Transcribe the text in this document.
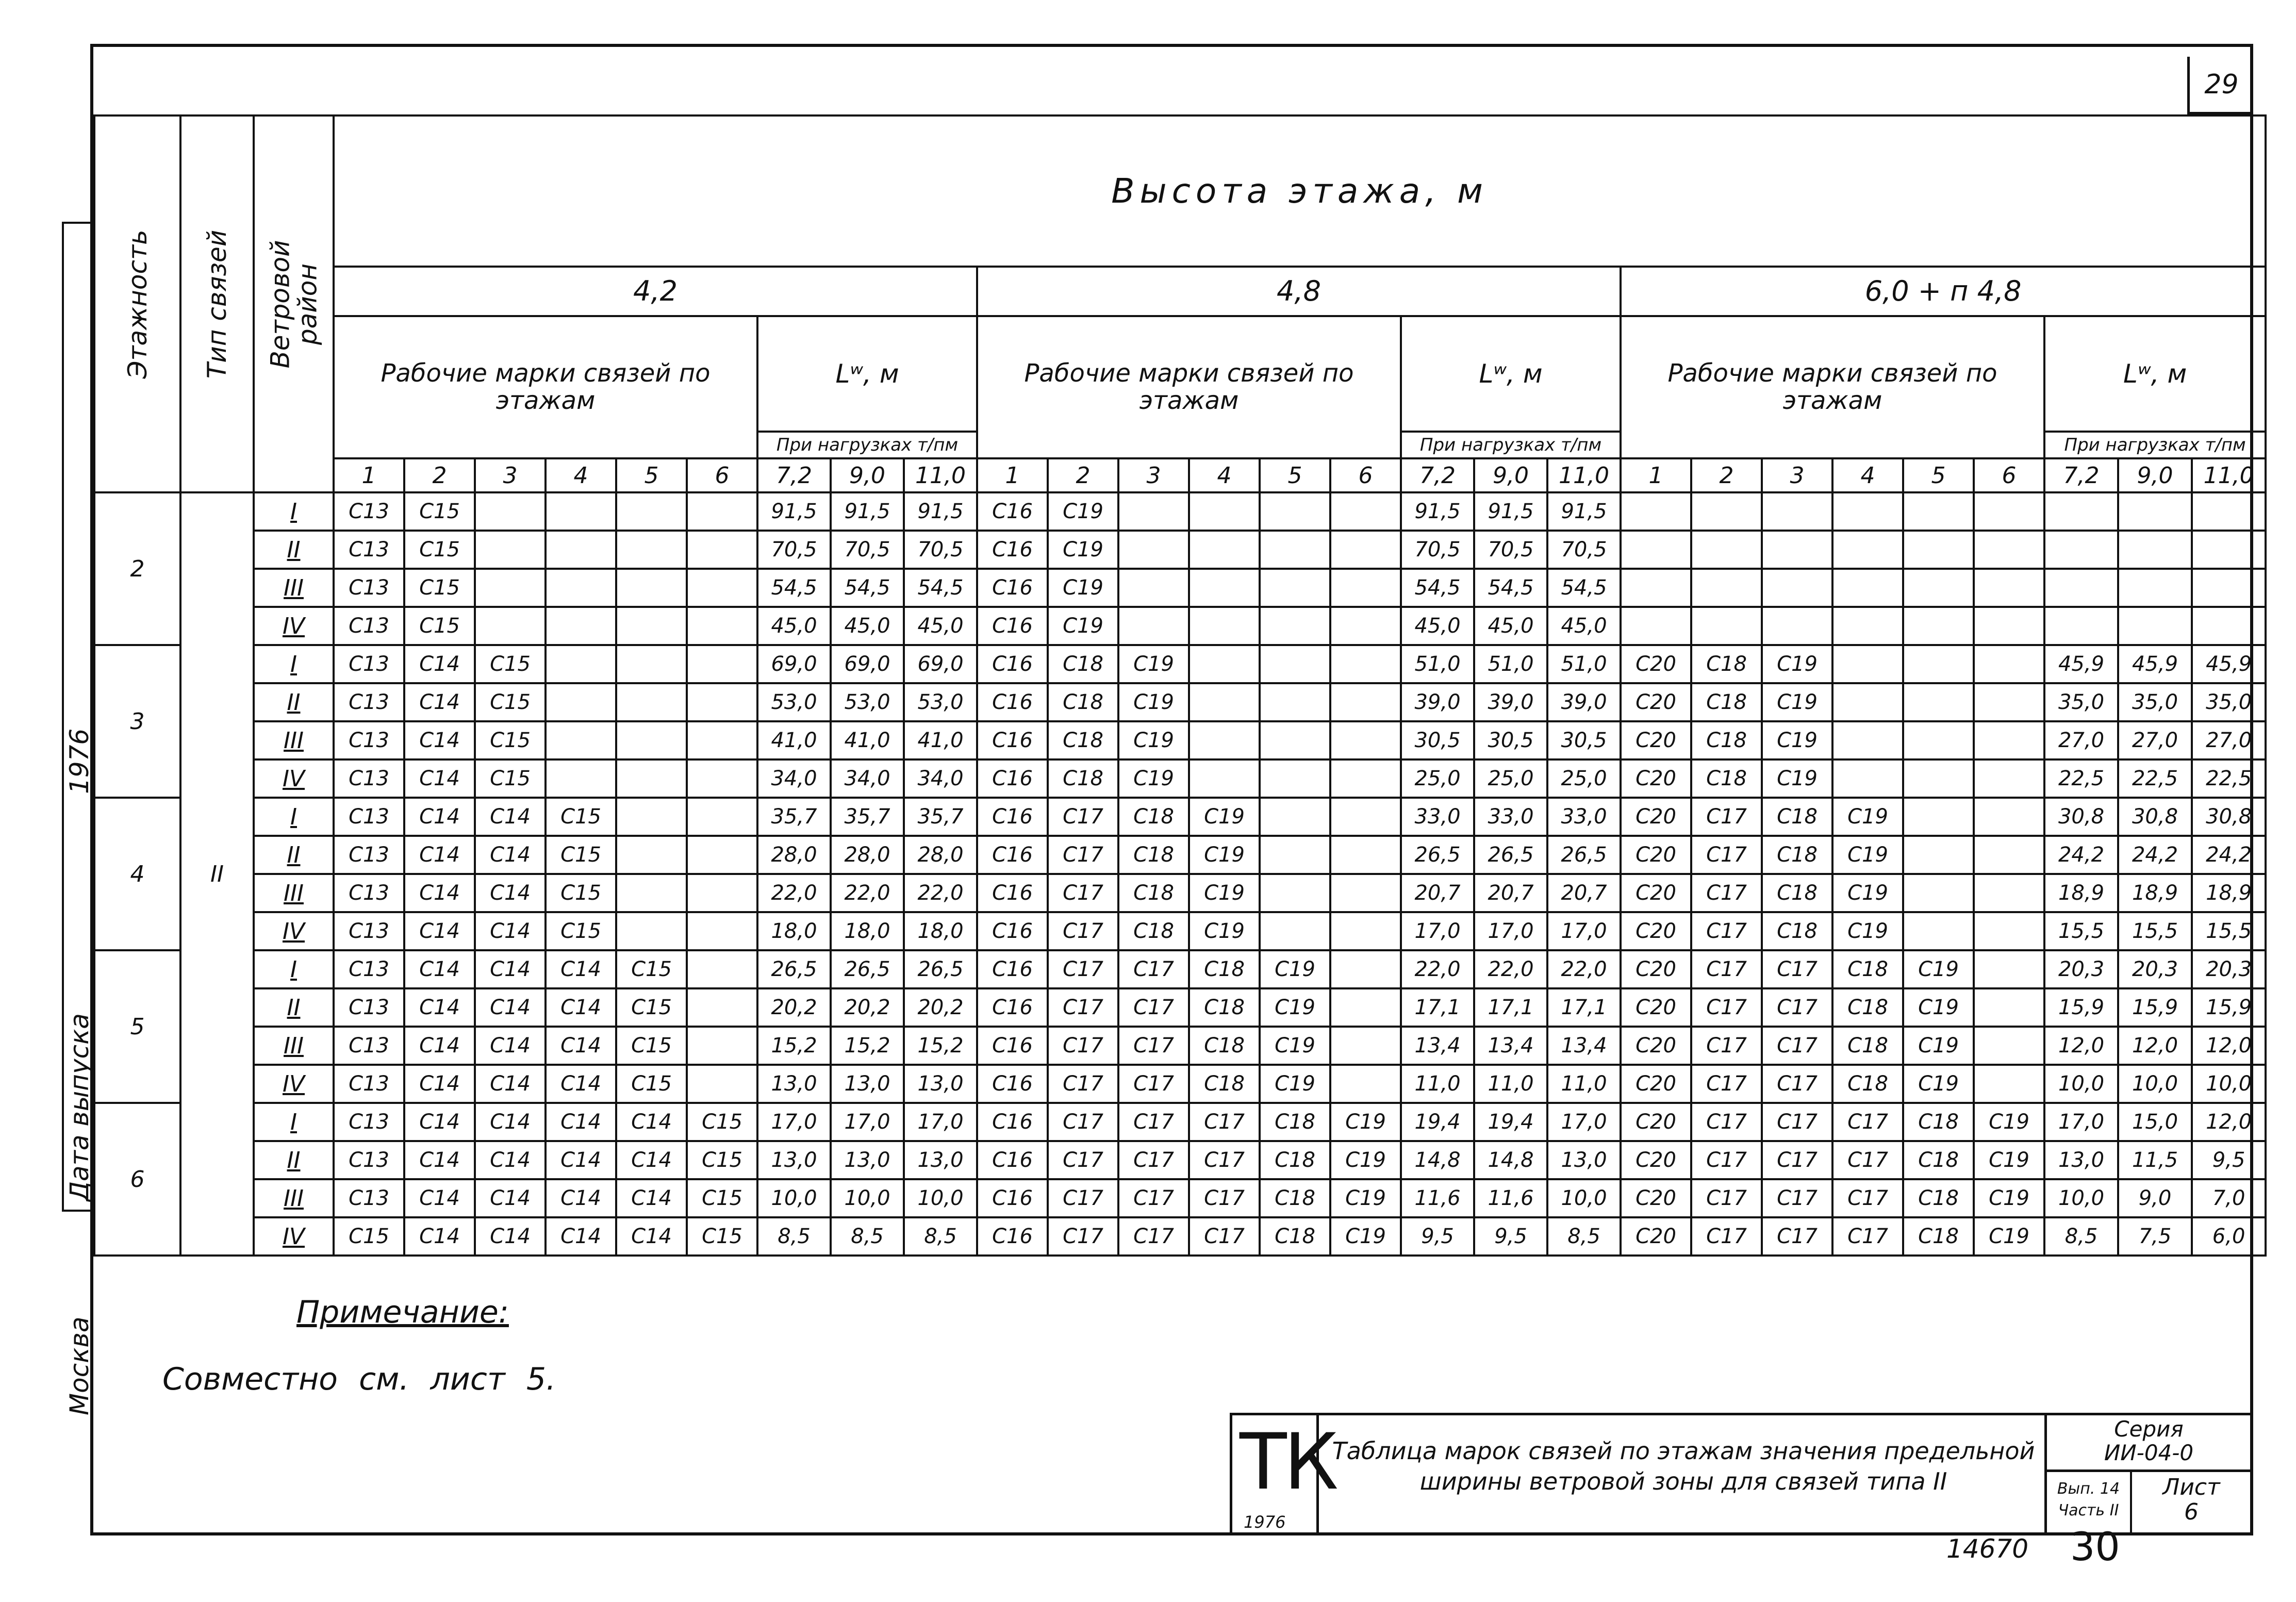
29
Москва
Дата выпуска
1976
Этажность	Тип связей	Ветровой район	Высота этажа, м																										
			4,2									4,8									6,0 + п 4,8								
			Рабочие марки связей по этажам						Lʷ, м			Рабочие марки связей по этажам						Lʷ, м			Рабочие марки связей по этажам						Lʷ, м		
									При нагрузках т/пм									При нагрузках т/пм									При нагрузках т/пм		
			1	2	3	4	5	6	7,2	9,0	11,0	1	2	3	4	5	6	7,2	9,0	11,0	1	2	3	4	5	6	7,2	9,0	11,0
2	II	I	C13	C15					91,5	91,5	91,5	C16	C19					91,5	91,5	91,5									
		II	C13	C15					70,5	70,5	70,5	C16	C19					70,5	70,5	70,5									
		III	C13	C15					54,5	54,5	54,5	C16	C19					54,5	54,5	54,5									
		IV	C13	C15					45,0	45,0	45,0	C16	C19					45,0	45,0	45,0									
3		I	C13	C14	C15				69,0	69,0	69,0	C16	C18	C19				51,0	51,0	51,0	C20	C18	C19				45,9	45,9	45,9
		II	C13	C14	C15				53,0	53,0	53,0	C16	C18	C19				39,0	39,0	39,0	C20	C18	C19				35,0	35,0	35,0
		III	C13	C14	C15				41,0	41,0	41,0	C16	C18	C19				30,5	30,5	30,5	C20	C18	C19				27,0	27,0	27,0
		IV	C13	C14	C15				34,0	34,0	34,0	C16	C18	C19				25,0	25,0	25,0	C20	C18	C19				22,5	22,5	22,5
4		I	C13	C14	C14	C15			35,7	35,7	35,7	C16	C17	C18	C19			33,0	33,0	33,0	C20	C17	C18	C19			30,8	30,8	30,8
		II	C13	C14	C14	C15			28,0	28,0	28,0	C16	C17	C18	C19			26,5	26,5	26,5	C20	C17	C18	C19			24,2	24,2	24,2
		III	C13	C14	C14	C15			22,0	22,0	22,0	C16	C17	C18	C19			20,7	20,7	20,7	C20	C17	C18	C19			18,9	18,9	18,9
		IV	C13	C14	C14	C15			18,0	18,0	18,0	C16	C17	C18	C19			17,0	17,0	17,0	C20	C17	C18	C19			15,5	15,5	15,5
5		I	C13	C14	C14	C14	C15		26,5	26,5	26,5	C16	C17	C17	C18	C19		22,0	22,0	22,0	C20	C17	C17	C18	C19		20,3	20,3	20,3
		II	C13	C14	C14	C14	C15		20,2	20,2	20,2	C16	C17	C17	C18	C19		17,1	17,1	17,1	C20	C17	C17	C18	C19		15,9	15,9	15,9
		III	C13	C14	C14	C14	C15		15,2	15,2	15,2	C16	C17	C17	C18	C19		13,4	13,4	13,4	C20	C17	C17	C18	C19		12,0	12,0	12,0
		IV	C13	C14	C14	C14	C15		13,0	13,0	13,0	C16	C17	C17	C18	C19		11,0	11,0	11,0	C20	C17	C17	C18	C19		10,0	10,0	10,0
6		I	C13	C14	C14	C14	C14	C15	17,0	17,0	17,0	C16	C17	C17	C17	C18	C19	19,4	19,4	17,0	C20	C17	C17	C17	C18	C19	17,0	15,0	12,0
		II	C13	C14	C14	C14	C14	C15	13,0	13,0	13,0	C16	C17	C17	C17	C18	C19	14,8	14,8	13,0	C20	C17	C17	C17	C18	C19	13,0	11,5	9,5
		III	C13	C14	C14	C14	C14	C15	10,0	10,0	10,0	C16	C17	C17	C17	C18	C19	11,6	11,6	10,0	C20	C17	C17	C17	C18	C19	10,0	9,0	7,0
		IV	C15	C14	C14	C14	C14	C15	8,5	8,5	8,5	C16	C17	C17	C17	C18	C19	9,5	9,5	8,5	C20	C17	C17	C17	C18	C19	8,5	7,5	6,0
Примечание:
Совместно см. лист 5.
ТК
1976
Таблица марок связей по этажам значения предельной ширины ветровой зоны для связей типа II
Серия
ИИ-04-0
Вып. 14
Часть II
Лист
6
14670 30
